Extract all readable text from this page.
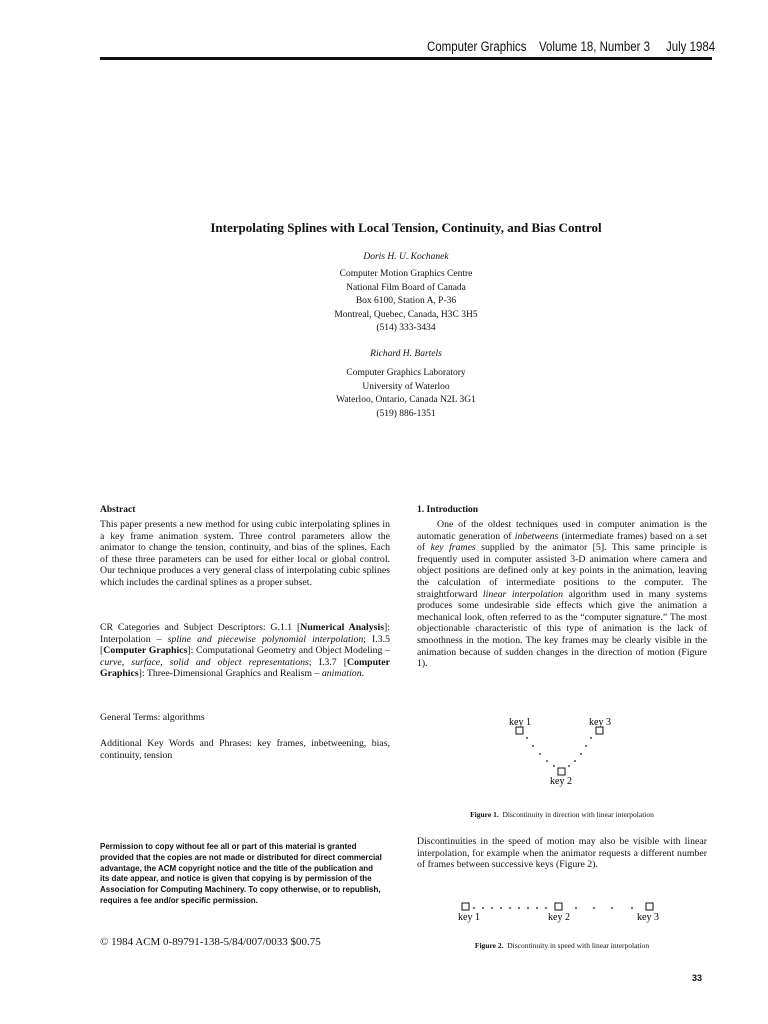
Computer Graphics Volume 18, Number 3 July 1984
Interpolating Splines with Local Tension, Continuity, and Bias Control
Doris H. U. Kochanek
Computer Motion Graphics Centre
National Film Board of Canada
Box 6100, Station A, P-36
Montreal, Quebec, Canada, H3C 3H5
(514) 333-3434
Richard H. Bartels
Computer Graphics Laboratory
University of Waterloo
Waterloo, Ontario, Canada N2L 3G1
(519) 886-1351
Abstract
This paper presents a new method for using cubic interpolating splines in a key frame animation system. Three control parameters allow the animator to change the tension, continuity, and bias of the splines. Each of these three parameters can be used for either local or global control. Our technique produces a very general class of interpolating cubic splines which includes the cardinal splines as a proper subset.
CR Categories and Subject Descriptors: G.1.1 [Numerical Analysis]: Interpolation – spline and piecewise polynomial interpolation; I.3.5 [Computer Graphics]: Computational Geometry and Object Modeling – curve, surface, solid and object representations; I.3.7 [Computer Graphics]: Three-Dimensional Graphics and Realism – animation.
General Terms: algorithms
Additional Key Words and Phrases: key frames, inbetweening, bias, continuity, tension
Permission to copy without fee all or part of this material is granted provided that the copies are not made or distributed for direct commercial advantage, the ACM copyright notice and the title of the publication and its date appear, and notice is given that copying is by permission of the Association for Computing Machinery. To copy otherwise, or to republish, requires a fee and/or specific permission.
© 1984 ACM 0-89791-138-5/84/007/0033 $00.75
1. Introduction

One of the oldest techniques used in computer animation is the automatic generation of inbetweens (intermediate frames) based on a set of key frames supplied by the animator [5]. This same principle is frequently used in computer assisted 3-D animation where camera and object positions are defined only at key points in the animation, leaving the calculation of intermediate positions to the computer. The straightforward linear interpolation algorithm used in many systems produces some undesirable side effects which give the animation a mechanical look, often referred to as the “computer signature.” The most objectionable characteristic of this type of animation is the lack of smoothness in the motion. The key frames may be clearly visible in the animation because of sudden changes in the direction of motion (Figure 1).

key 1	key 3
key 2
Figure 1. Discontinuity in direction with linear interpolation
Discontinuities in the speed of motion may also be visible with linear interpolation, for example when the animator requests a different number of frames between successive keys (Figure 2).
key 1	key 2	key 3
Figure 2. Discontinuity in speed with linear interpolation
33
